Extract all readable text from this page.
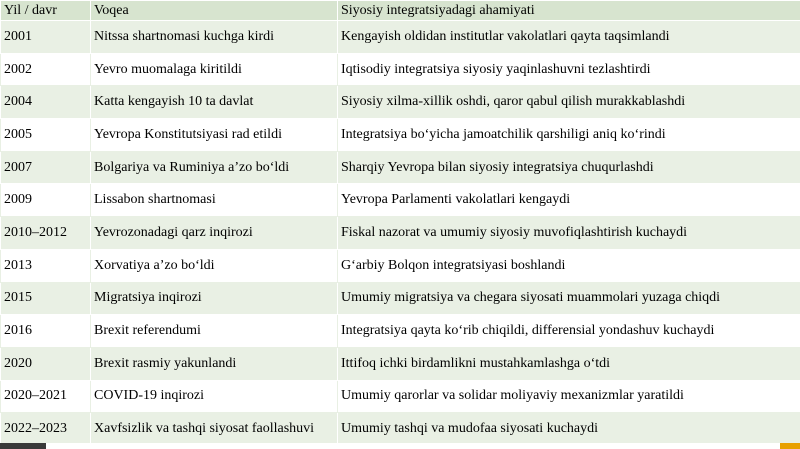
Yil / davr	Voqea	Siyosiy integratsiyadagi ahamiyati
2001	Nitssa shartnomasi kuchga kirdi	Kengayish oldidan institutlar vakolatlari qayta taqsimlandi
2002	Yevro muomalaga kiritildi	Iqtisodiy integratsiya siyosiy yaqinlashuvni tezlashtirdi
2004	Katta kengayish 10 ta davlat	Siyosiy xilma-xillik oshdi, qaror qabul qilish murakkablashdi
2005	Yevropa Konstitutsiyasi rad etildi	Integratsiya bo‘yicha jamoatchilik qarshiligi aniq ko‘rindi
2007	Bolgariya va Ruminiya a’zo bo‘ldi	Sharqiy Yevropa bilan siyosiy integratsiya chuqurlashdi
2009	Lissabon shartnomasi	Yevropa Parlamenti vakolatlari kengaydi
2010–2012	Yevrozonadagi qarz inqirozi	Fiskal nazorat va umumiy siyosiy muvofiqlashtirish kuchaydi
2013	Xorvatiya a’zo bo‘ldi	G‘arbiy Bolqon integratsiyasi boshlandi
2015	Migratsiya inqirozi	Umumiy migratsiya va chegara siyosati muammolari yuzaga chiqdi
2016	Brexit referendumi	Integratsiya qayta ko‘rib chiqildi, differensial yondashuv kuchaydi
2020	Brexit rasmiy yakunlandi	Ittifoq ichki birdamlikni mustahkamlashga o‘tdi
2020–2021	COVID-19 inqirozi	Umumiy qarorlar va solidar moliyaviy mexanizmlar yaratildi
2022–2023	Xavfsizlik va tashqi siyosat faollashuvi	Umumiy tashqi va mudofaa siyosati kuchaydi
